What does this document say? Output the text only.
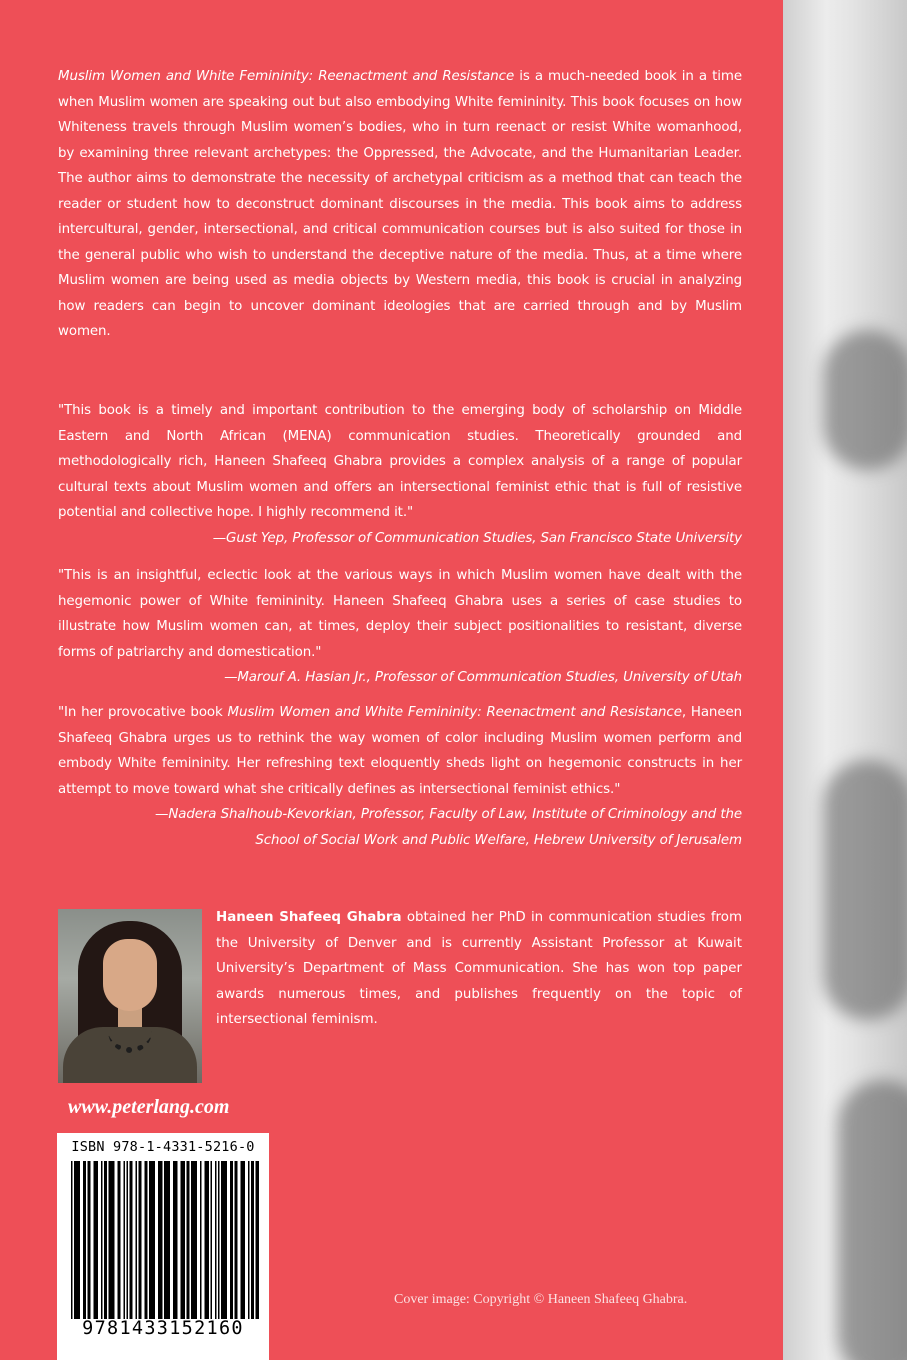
Muslim Women and White Femininity: Reenactment and Resistance is a much-needed book in a time when Muslim women are speaking out but also embodying White femininity. This book focuses on how Whiteness travels through Muslim women’s bodies, who in turn reenact or resist White womanhood, by examining three relevant archetypes: the Oppressed, the Advocate, and the Humanitarian Leader. The author aims to demonstrate the necessity of archetypal criticism as a method that can teach the reader or student how to deconstruct dominant discourses in the media. This book aims to address intercultural, gender, intersectional, and critical communication courses but is also suited for those in the general public who wish to understand the deceptive nature of the media. Thus, at a time where Muslim women are being used as media objects by Western media, this book is crucial in analyzing how readers can begin to uncover dominant ideologies that are carried through and by Muslim women.
"This book is a timely and important contribution to the emerging body of scholarship on Middle Eastern and North African (MENA) communication studies. Theoretically grounded and methodologically rich, Haneen Shafeeq Ghabra provides a complex analysis of a range of popular cultural texts about Muslim women and offers an intersectional feminist ethic that is full of resistive potential and collective hope. I highly recommend it."
—Gust Yep, Professor of Communication Studies, San Francisco State University
"This is an insightful, eclectic look at the various ways in which Muslim women have dealt with the hegemonic power of White femininity. Haneen Shafeeq Ghabra uses a series of case studies to illustrate how Muslim women can, at times, deploy their subject positionalities to resistant, diverse forms of patriarchy and domestication."
—Marouf A. Hasian Jr., Professor of Communication Studies, University of Utah
"In her provocative book Muslim Women and White Femininity: Reenactment and Resistance, Haneen Shafeeq Ghabra urges us to rethink the way women of color including Muslim women perform and embody White femininity. Her refreshing text eloquently sheds light on hegemonic constructs in her attempt to move toward what she critically defines as intersectional feminist ethics."
—Nadera Shalhoub-Kevorkian, Professor, Faculty of Law, Institute of Criminology and the
School of Social Work and Public Welfare, Hebrew University of Jerusalem
Haneen Shafeeq Ghabra obtained her PhD in communication studies from the University of Denver and is currently Assistant Professor at Kuwait University’s Department of Mass Communication. She has won top paper awards numerous times, and publishes frequently on the topic of intersectional feminism.
www.peterlang.com
ISBN 978-1-4331-5216-0
9781433152160
Cover image: Copyright © Haneen Shafeeq Ghabra.
